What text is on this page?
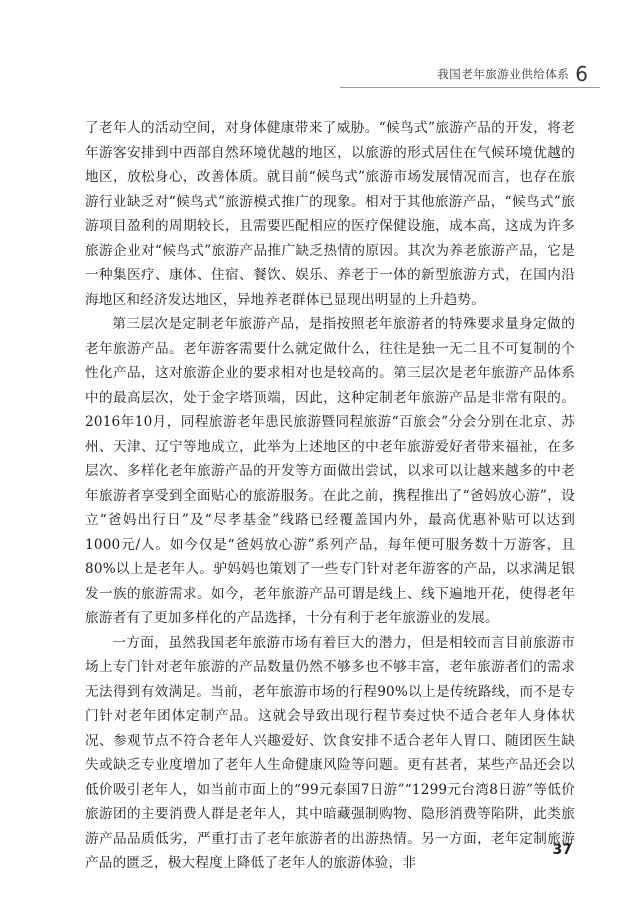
我国老年旅游业供给体系 6

了老年人的活动空间，对身体健康带来了威胁。“候鸟式”旅游产品的开发，将老年游客安排到中西部自然环境优越的地区，以旅游的形式居住在气候环境优越的地区，放松身心，改善体质。就目前“候鸟式”旅游市场发展情况而言，也存在旅游行业缺乏对“候鸟式”旅游模式推广的现象。相对于其他旅游产品，“候鸟式”旅游项目盈利的周期较长，且需要匹配相应的医疗保健设施，成本高，这成为许多旅游企业对“候鸟式”旅游产品推广缺乏热情的原因。其次为养老旅游产品，它是一种集医疗、康体、住宿、餐饮、娱乐、养老于一体的新型旅游方式，在国内沿海地区和经济发达地区，异地养老群体已显现出明显的上升趋势。

第三层次是定制老年旅游产品，是指按照老年旅游者的特殊要求量身定做的老年旅游产品。老年游客需要什么就定做什么，往往是独一无二且不可复制的个性化产品，这对旅游企业的要求相对也是较高的。第三层次是老年旅游产品体系中的最高层次，处于金字塔顶端，因此，这种定制老年旅游产品是非常有限的。2016年10月，同程旅游老年患民旅游暨同程旅游“百旅会”分会分别在北京、苏州、天津、辽宁等地成立，此举为上述地区的中老年旅游爱好者带来福祉，在多层次、多样化老年旅游产品的开发等方面做出尝试，以求可以让越来越多的中老年旅游者享受到全面贴心的旅游服务。在此之前，携程推出了“爸妈放心游”，设立“爸妈出行日”及“尽孝基金”线路已经覆盖国内外，最高优惠补贴可以达到1000元/人。如今仅是“爸妈放心游”系列产品，每年便可服务数十万游客，且80%以上是老年人。驴妈妈也策划了一些专门针对老年游客的产品，以求满足银发一族的旅游需求。如今，老年旅游产品可谓是线上、线下遍地开花，使得老年旅游者有了更加多样化的产品选择，十分有利于老年旅游业的发展。

一方面，虽然我国老年旅游市场有着巨大的潜力，但是相较而言目前旅游市场上专门针对老年旅游的产品数量仍然不够多也不够丰富，老年旅游者们的需求无法得到有效满足。当前，老年旅游市场的行程90%以上是传统路线，而不是专门针对老年团体定制产品。这就会导致出现行程节奏过快不适合老年人身体状况、参观节点不符合老年人兴趣爱好、饮食安排不适合老年人胃口、随团医生缺失或缺乏专业度增加了老年人生命健康风险等问题。更有甚者，某些产品还会以低价吸引老年人，如当前市面上的“99元泰国7日游”“1299元台湾8日游”等低价旅游团的主要消费人群是老年人，其中暗藏强制购物、隐形消费等陷阱，此类旅游产品品质低劣，严重打击了老年旅游者的出游热情。另一方面，老年定制旅游产品的匮乏，极大程度上降低了老年人的旅游体验，非

37
